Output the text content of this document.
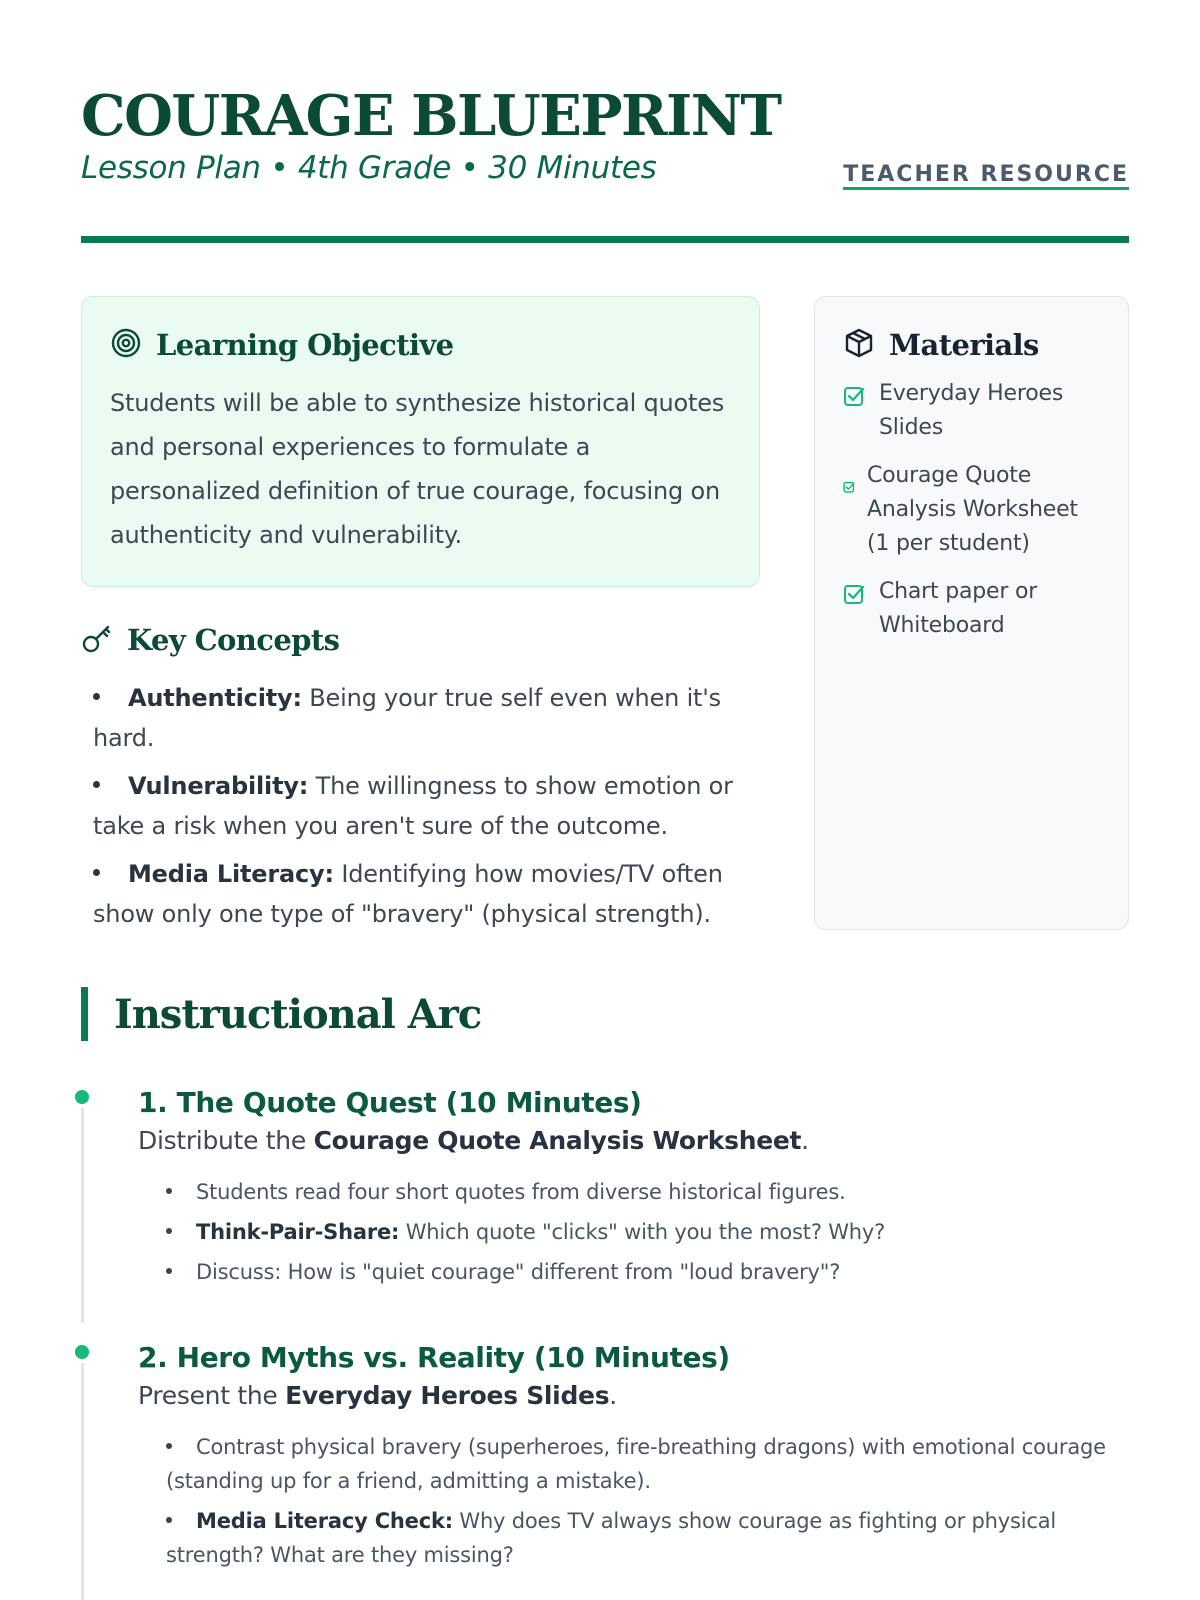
COURAGE BLUEPRINT
Lesson Plan • 4th Grade • 30 Minutes	TEACHER RESOURCE
Learning Objective

Students will be able to synthesize historical quotes and personal experiences to formulate a personalized definition of true courage, focusing on authenticity and vulnerability.

Materials
Everyday Heroes Slides
Courage Quote Analysis Worksheet (1 per student)
Chart paper or Whiteboard
Key Concepts
Authenticity: Being your true self even when it's hard.
Vulnerability: The willingness to show emotion or take a risk when you aren't sure of the outcome.
Media Literacy: Identifying how movies/TV often show only one type of "bravery" (physical strength).
Instructional Arc
1. The Quote Quest (10 Minutes)
Distribute the Courage Quote Analysis Worksheet.
Students read four short quotes from diverse historical figures.
Think-Pair-Share: Which quote "clicks" with you the most? Why?
Discuss: How is "quiet courage" different from "loud bravery"?
2. Hero Myths vs. Reality (10 Minutes)
Present the Everyday Heroes Slides.
Contrast physical bravery (superheroes, fire-breathing dragons) with emotional courage (standing up for a friend, admitting a mistake).
Media Literacy Check: Why does TV always show courage as fighting or physical strength? What are they missing?
